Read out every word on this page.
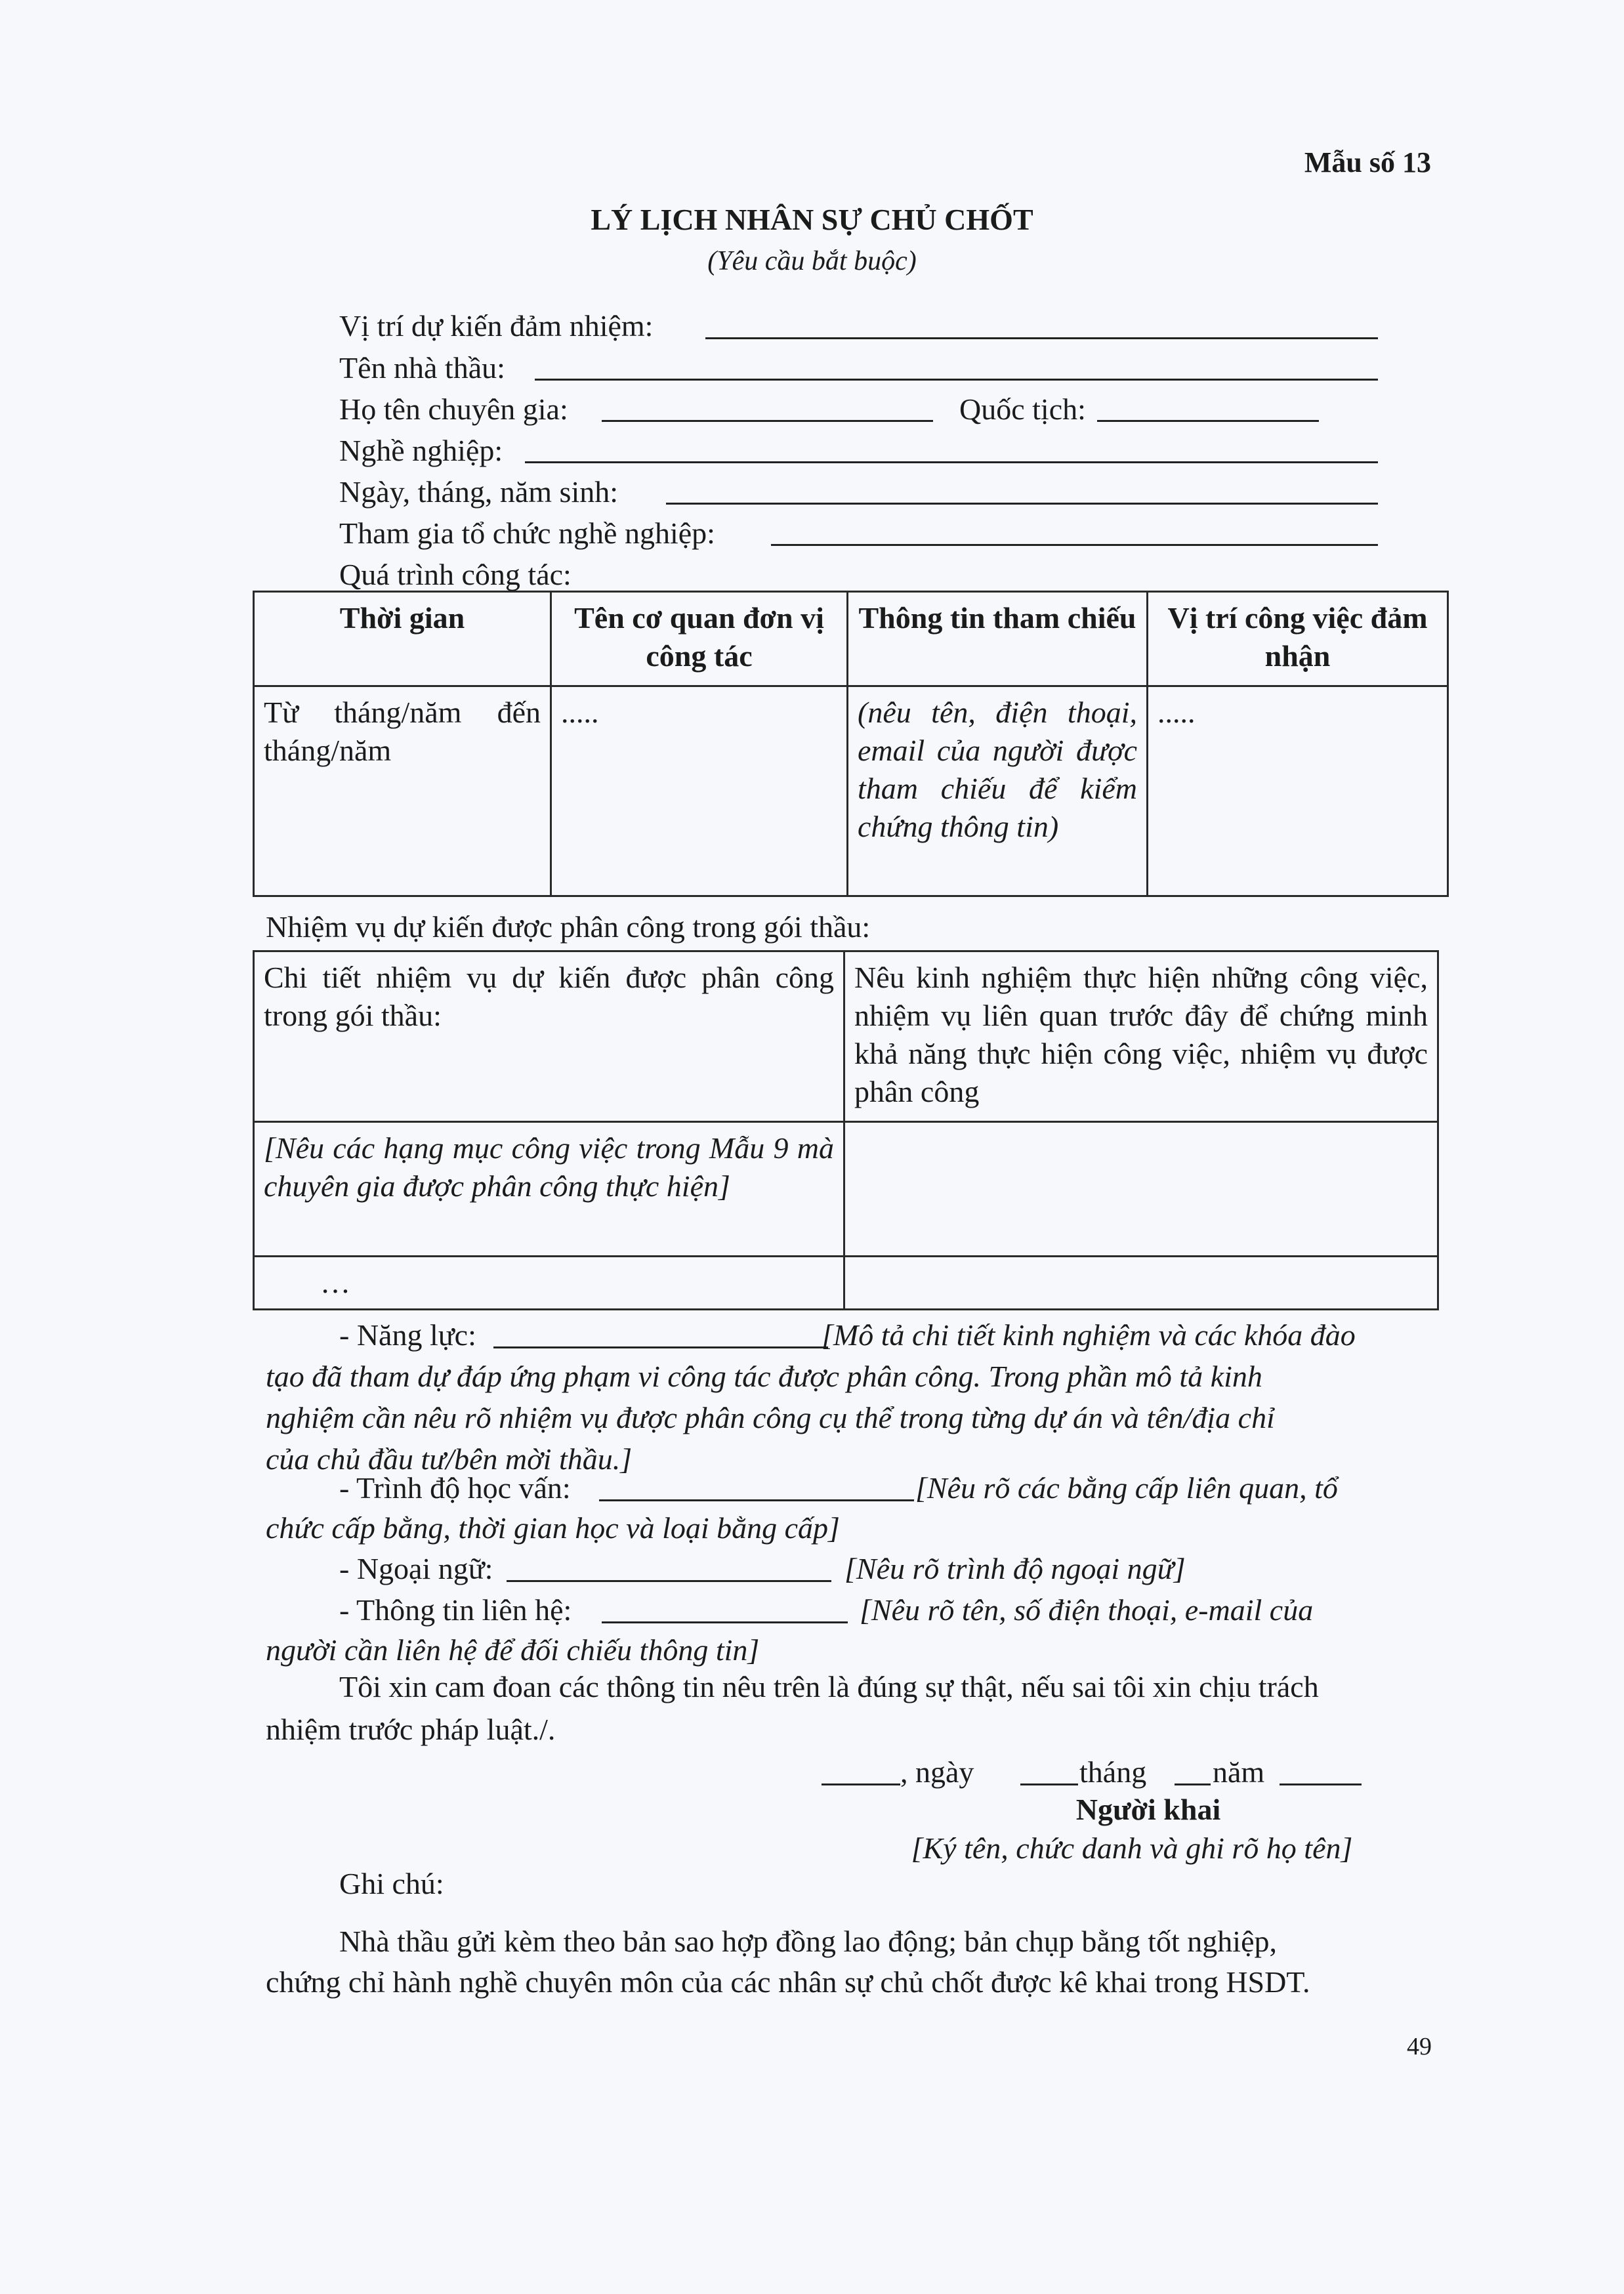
Mẫu số 13
LÝ LỊCH NHÂN SỰ CHỦ CHỐT
(Yêu cầu bắt buộc)
Vị trí dự kiến đảm nhiệm:
Tên nhà thầu:
Họ tên chuyên gia:	Quốc tịch:
Nghề nghiệp:
Ngày, tháng, năm sinh:
Tham gia tổ chức nghề nghiệp:
Quá trình công tác:
Thời gian	Tên cơ quan đơn vị công tác	Thông tin tham chiếu	Vị trí công việc đảm nhận
Từ tháng/năm đến tháng/năm	.....	(nêu tên, điện thoại, email của người được tham chiếu để kiểm chứng thông tin)	.....
Nhiệm vụ dự kiến được phân công trong gói thầu:
Chi tiết nhiệm vụ dự kiến được phân công trong gói thầu:	Nêu kinh nghiệm thực hiện những công việc, nhiệm vụ liên quan trước đây để chứng minh khả năng thực hiện công việc, nhiệm vụ được phân công
[Nêu các hạng mục công việc trong Mẫu 9 mà chuyên gia được phân công thực hiện]	
…	
- Năng lực:	[Mô tả chi tiết kinh nghiệm và các khóa đào
tạo đã tham dự đáp ứng phạm vi công tác được phân công. Trong phần mô tả kinh
nghiệm cần nêu rõ nhiệm vụ được phân công cụ thể trong từng dự án và tên/địa chỉ
của chủ đầu tư/bên mời thầu.]
- Trình độ học vấn:	[Nêu rõ các bằng cấp liên quan, tổ
chức cấp bằng, thời gian học và loại bằng cấp]
- Ngoại ngữ:	[Nêu rõ trình độ ngoại ngữ]
- Thông tin liên hệ:	[Nêu rõ tên, số điện thoại, e-mail của
người cần liên hệ để đối chiếu thông tin]
Tôi xin cam đoan các thông tin nêu trên là đúng sự thật, nếu sai tôi xin chịu trách
nhiệm trước pháp luật./.
, ngày	tháng năm
Người khai
[Ký tên, chức danh và ghi rõ họ tên]
Ghi chú:
Nhà thầu gửi kèm theo bản sao hợp đồng lao động; bản chụp bằng tốt nghiệp,
chứng chỉ hành nghề chuyên môn của các nhân sự chủ chốt được kê khai trong HSDT.
49
